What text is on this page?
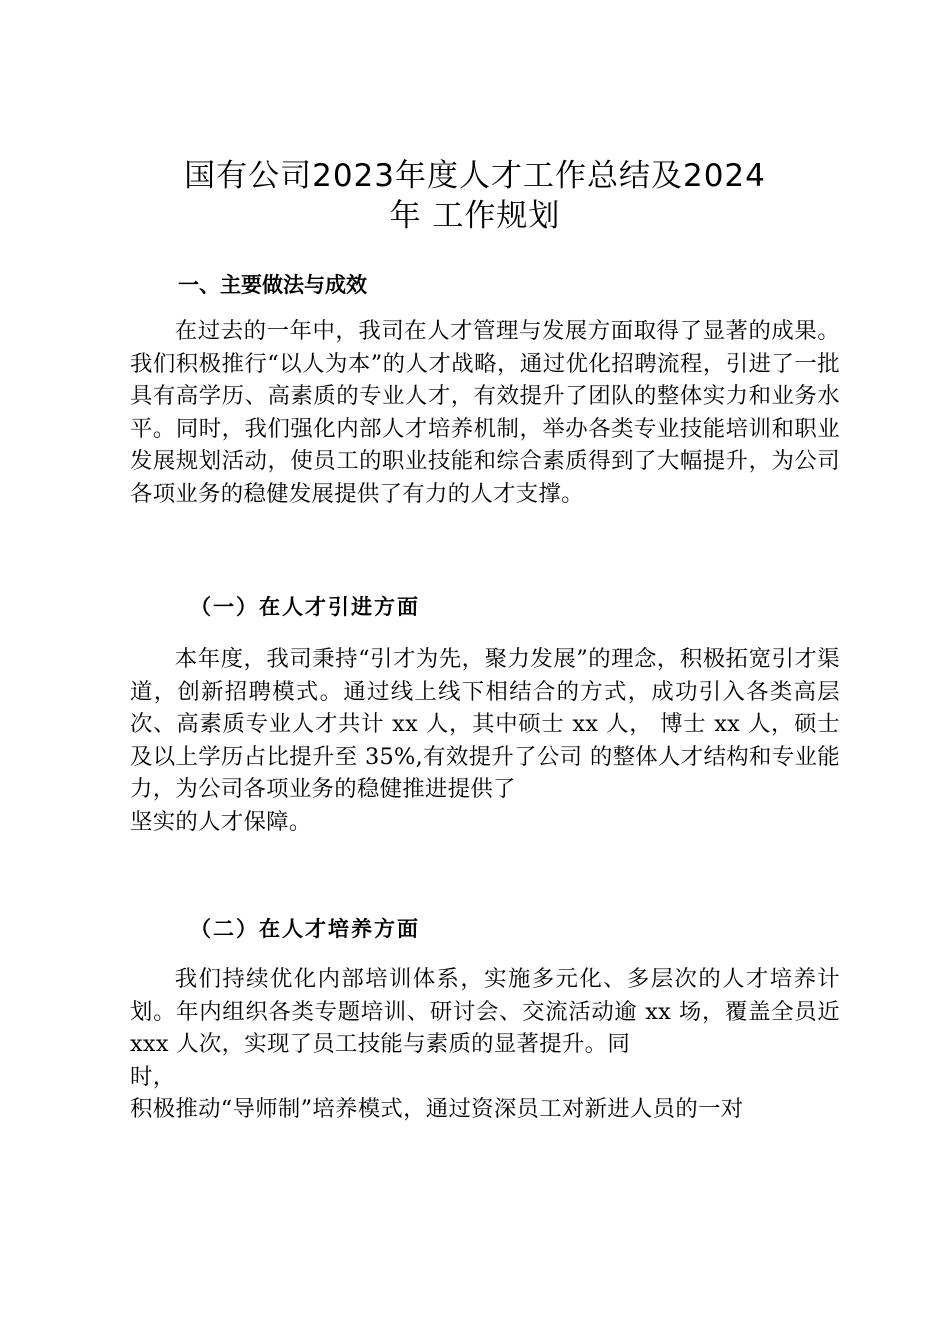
国有公司2023年度人才工作总结及2024
年 工作规划
一、主要做法与成效
在过去的一年中，我司在人才管理与发展方面取得了显著的成果。我们积极推行“以人为本”的人才战略，通过优化招聘流程，引进了一批具有高学历、高素质的专业人才，有效提升了团队的整体实力和业务水平。同时，我们强化内部人才培养机制，举办各类专业技能培训和职业发展规划活动，使员工的职业技能和综合素质得到了大幅提升，为公司各项业务的稳健发展提供了有力的人才支撑。
（一）在人才引进方面
本年度，我司秉持“引才为先，聚力发展”的理念，积极拓宽引才渠道，创新招聘模式。通过线上线下相结合的方式，成功引入各类高层次、高素质专业人才共计 xx 人，其中硕士 xx 人， 博士 xx 人，硕士及以上学历占比提升至 35%,有效提升了公司 的整体人才结构和专业能力，为公司各项业务的稳健推进提供了
坚实的人才保障。
（二）在人才培养方面
我们持续优化内部培训体系，实施多元化、多层次的人才培养计划。年内组织各类专题培训、研讨会、交流活动逾 xx 场，覆盖全员近xxx 人次，实现了员工技能与素质的显著提升。同
时，
积极推动“导师制”培养模式，通过资深员工对新进人员的一对
